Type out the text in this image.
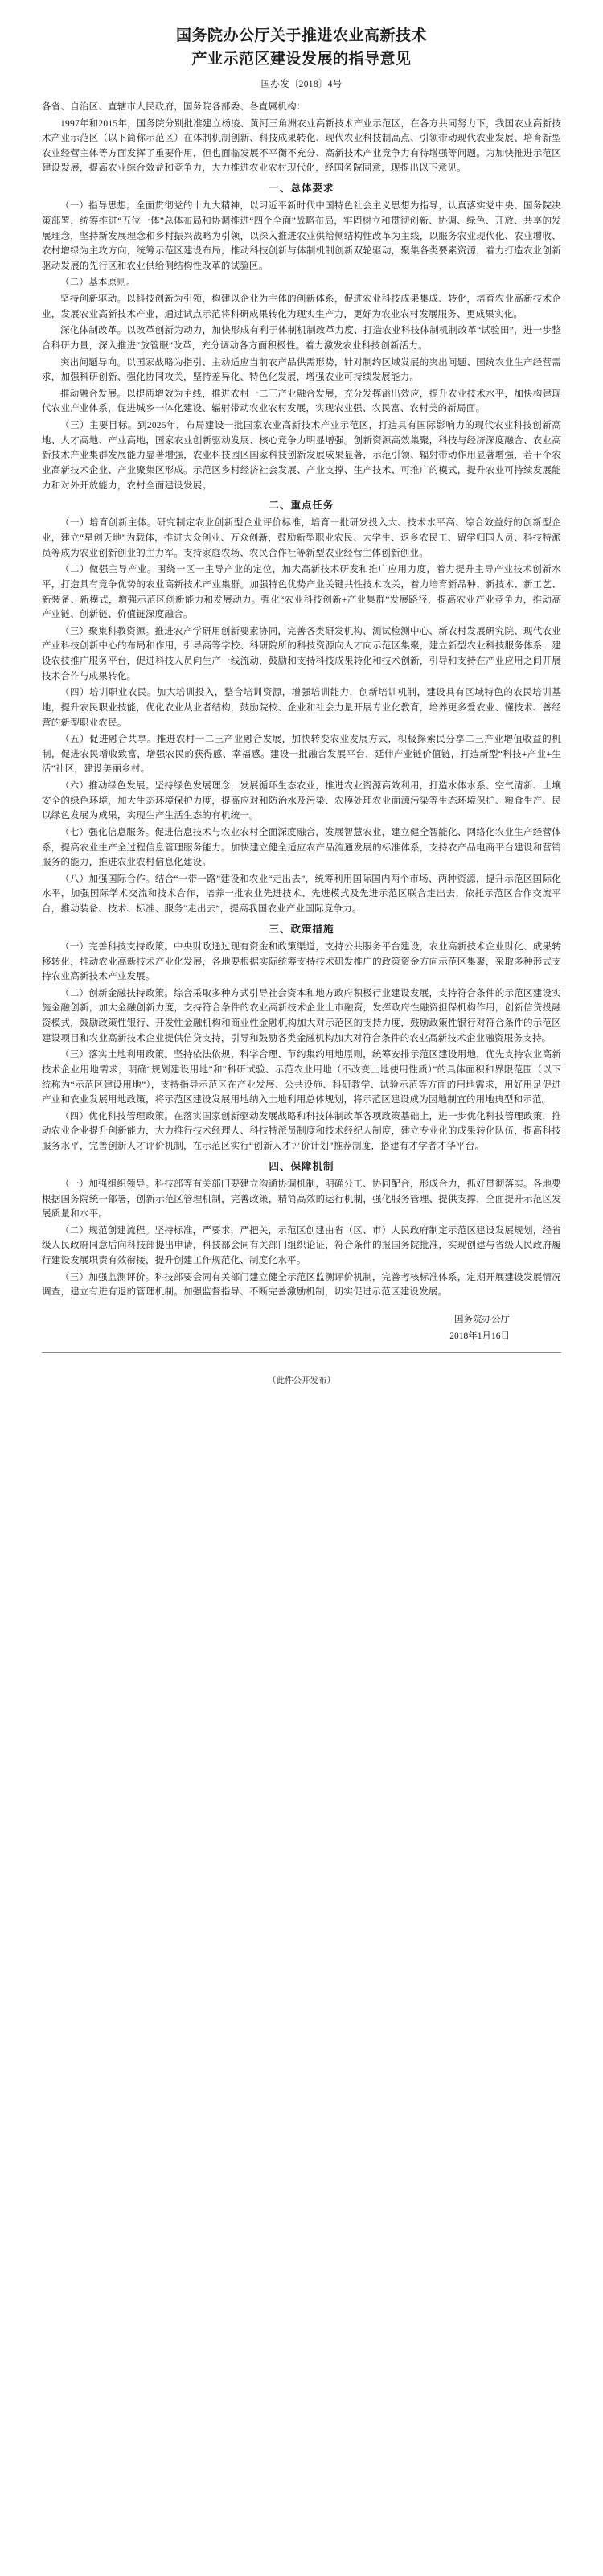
国务院办公厅关于推进农业高新技术
产业示范区建设发展的指导意见
国办发〔2018〕4号

各省、自治区、直辖市人民政府，国务院各部委、各直属机构：

1997年和2015年，国务院分别批准建立杨凌、黄河三角洲农业高新技术产业示范区，在各方共同努力下，我国农业高新技术产业示范区（以下简称示范区）在体制机制创新、科技成果转化、现代农业科技制高点、引领带动现代农业发展、培育新型农业经营主体等方面发挥了重要作用，但也面临发展不平衡不充分、高新技术产业竞争力有待增强等问题。为加快推进示范区建设发展，提高农业综合效益和竞争力，大力推进农业农村现代化，经国务院同意，现提出以下意见。

一、总体要求

（一）指导思想。全面贯彻党的十九大精神，以习近平新时代中国特色社会主义思想为指导，认真落实党中央、国务院决策部署，统筹推进“五位一体”总体布局和协调推进“四个全面”战略布局，牢固树立和贯彻创新、协调、绿色、开放、共享的发展理念，坚持新发展理念和乡村振兴战略为引领，以深入推进农业供给侧结构性改革为主线，以服务农业现代化、农业增收、农村增绿为主攻方向，统筹示范区建设布局，推动科技创新与体制机制创新双轮驱动，聚集各类要素资源，着力打造农业创新驱动发展的先行区和农业供给侧结构性改革的试验区。

（二）基本原则。

坚持创新驱动。以科技创新为引领，构建以企业为主体的创新体系，促进农业科技成果集成、转化，培育农业高新技术企业，发展农业高新技术产业，通过试点示范将科研成果转化为现实生产力，更好为农业农村发展服务、更成果实化。

深化体制改革。以改革创新为动力，加快形成有利于体制机制改革力度、打造农业科技体制机制改革“试验田”，进一步整合科研力量，深入推进“放管服”改革，充分调动各方面积极性。着力激发农业科技创新活力。

突出问题导向。以国家战略为指引、主动适应当前农产品供需形势，针对制约区域发展的突出问题、国统农业生产经营需求，加强科研创新、强化协同攻关，坚持差异化、特色化发展，增强农业可持续发展能力。

推动融合发展。以提质增效为主线，推进农村一二三产业融合发展，充分发挥溢出效应，提升农业技术水平，加快构建现代农业产业体系，促进城乡一体化建设、辐射带动农业农村发展，实现农业强、农民富、农村美的新局面。

（三）主要目标。到2025年，布局建设一批国家农业高新技术产业示范区，打造具有国际影响力的现代农业科技创新高地、人才高地、产业高地，国家农业创新驱动发展、核心竞争力明显增强。创新资源高效集聚，科技与经济深度融合、农业高新技术产业集群发展能力显著增强，农业科技园区国家科技创新发展成果显著，示范引领、辐射带动作用显著增强，若干个农业高新技术企业、产业聚集区形成。示范区乡村经济社会发展、产业支撑、生产技术、可推广的模式，提升农业可持续发展能力和对外开放能力，农村全面建设发展。

二、重点任务

（一）培育创新主体。研究制定农业创新型企业评价标准，培育一批研发投入大、技术水平高、综合效益好的创新型企业，建立“星创天地”为载体，推进大众创业、万众创新，鼓励新型职业农民、大学生、返乡农民工、留学归国人员、科技特派员等成为农业创新创业的主力军。支持家庭农场、农民合作社等新型农业经营主体创新创业。

（二）做强主导产业。围绕一区一主导产业的定位，加大高新技术研发和推广应用力度，着力提升主导产业技术创新水平，打造具有竞争优势的农业高新技术产业集群。加强特色优势产业关键共性技术攻关，着力培育新品种、新技术、新工艺、新装备、新模式，增强示范区创新能力和发展动力。强化“农业科技创新+产业集群”发展路径，提高农业产业竞争力，推动高产业链、创新链、价值链深度融合。

（三）聚集科教资源。推进农产学研用创新要素协同，完善各类研发机构、测试检测中心、新农村发展研究院、现代农业产业科技创新中心的布局和作用，引导高等学校、科研院所的科技资源向人才向示范区集聚，建立新型农业科技服务体系，建设农技推广服务平台，促进科技人员向生产一线流动，鼓励和支持科技成果转化和技术创新，引导和支持在产业应用之间开展技术合作与成果转化。

（四）培训职业农民。加大培训投入，整合培训资源，增强培训能力，创新培训机制，建设具有区域特色的农民培训基地，提升农民职业技能，优化农业从业者结构，鼓励院校、企业和社会力量开展专业化教育，培养更多爱农业、懂技术、善经营的新型职业农民。

（五）促进融合共享。推进农村一二三产业融合发展，加快转变农业发展方式，积极探索民分享二三产业增值收益的机制，促进农民增收致富，增强农民的获得感、幸福感。建设一批融合发展平台，延伸产业链价值链，打造新型“科技+产业+生活”社区，建设美丽乡村。

（六）推动绿色发展。坚持绿色发展理念，发展循环生态农业，推进农业资源高效利用，打造水体水系、空气清新、土壤安全的绿色环境，加大生态环境保护力度，提高应对和防治水及污染、农膜处理农业面源污染等生态环境保护、粮食生产、民以绿色发展为成果，实现生产生活生态的有机统一。

（七）强化信息服务。促进信息技术与农业农村全面深度融合，发展智慧农业，建立健全智能化、网络化农业生产经营体系，提高农业生产全过程信息管理服务能力。加快建立健全适应农产品流通发展的标准体系，支持农产品电商平台建设和营销服务的能力，推进农业农村信息化建设。

（八）加强国际合作。结合“一带一路”建设和农业“走出去”，统筹利用国际国内两个市场、两种资源，提升示范区国际化水平，加强国际学术交流和技术合作，培养一批农业先进技术、先进模式及先进示范区联合走出去，依托示范区合作交流平台，推动装备、技术、标准、服务“走出去”，提高我国农业产业国际竞争力。

三、政策措施

（一）完善科技支持政策。中央财政通过现有资金和政策渠道，支持公共服务平台建设，农业高新技术企业财化、成果转移转化，推动农业高新技术产业化发展，各地要根据实际统筹支持技术研发推广的政策资金方向示范区集聚，采取多种形式支持农业高新技术产业发展。

（二）创新金融扶持政策。综合采取多种方式引导社会资本和地方政府积极行业建设发展，支持符合条件的示范区建设实施金融创新，加大金融创新力度，支持符合条件的农业高新技术企业上市融资，发挥政府性融资担保机构作用，创新信贷投融资模式，鼓励政策性银行、开发性金融机构和商业性金融机构加大对示范区的支持力度，鼓励政策性银行对符合条件的示范区建设项目和农业高新技术企业提供信贷支持，引导和鼓励各类金融机构加大对符合条件的农业高新技术企业融资服务支持。

（三）落实土地利用政策。坚持依法依规、科学合理、节约集约用地原则，统筹安排示范区建设用地，优先支持农业高新技术企业用地需求，明确“规划建设用地”和“科研试验、示范农业用地（不改变土地使用性质）”的具体面积和界限范围（以下统称为“示范区建设用地”），支持指导示范区在产业发展、公共设施、科研教学、试验示范等方面的用地需求，用好用足促进产业和农业发展用地政策，将示范区建设发展用地纳入土地利用总体规划，将示范区建设成为因地制宜的用地典型和示范。

（四）优化科技管理政策。在落实国家创新驱动发展战略和科技体制改革各项政策基础上，进一步优化科技管理政策，推动农业企业提升创新能力，大力推行技术经理人、科技特派员制度和技术经纪人制度，建立专业化的成果转化队伍，提高科技服务水平，完善创新人才评价机制，在示范区实行“创新人才评价计划”推荐制度，搭建有才学者才华平台。

四、保障机制

（一）加强组织领导。科技部等有关部门要建立沟通协调机制，明确分工、协同配合，形成合力，抓好贯彻落实。各地要根据国务院统一部署，创新示范区管理机制，完善政策，精简高效的运行机制，强化服务管理、提供支撑，全面提升示范区发展质量和水平。

（二）规范创建流程。坚持标准，严要求，严把关，示范区创建由省（区、市）人民政府制定示范区建设发展规划，经省级人民政府同意后向科技部提出申请，科技部会同有关部门组织论证，符合条件的报国务院批准，实现创建与省级人民政府履行建设发展职责有效衔接，提升创建工作规范化、制度化水平。

（三）加强监测评价。科技部要会同有关部门建立健全示范区监测评价机制，完善考核标准体系，定期开展建设发展情况调查，建立有进有退的管理机制。加强监督指导、不断完善激励机制，切实促进示范区建设发展。

国务院办公厅
2018年1月16日
（此件公开发布）
